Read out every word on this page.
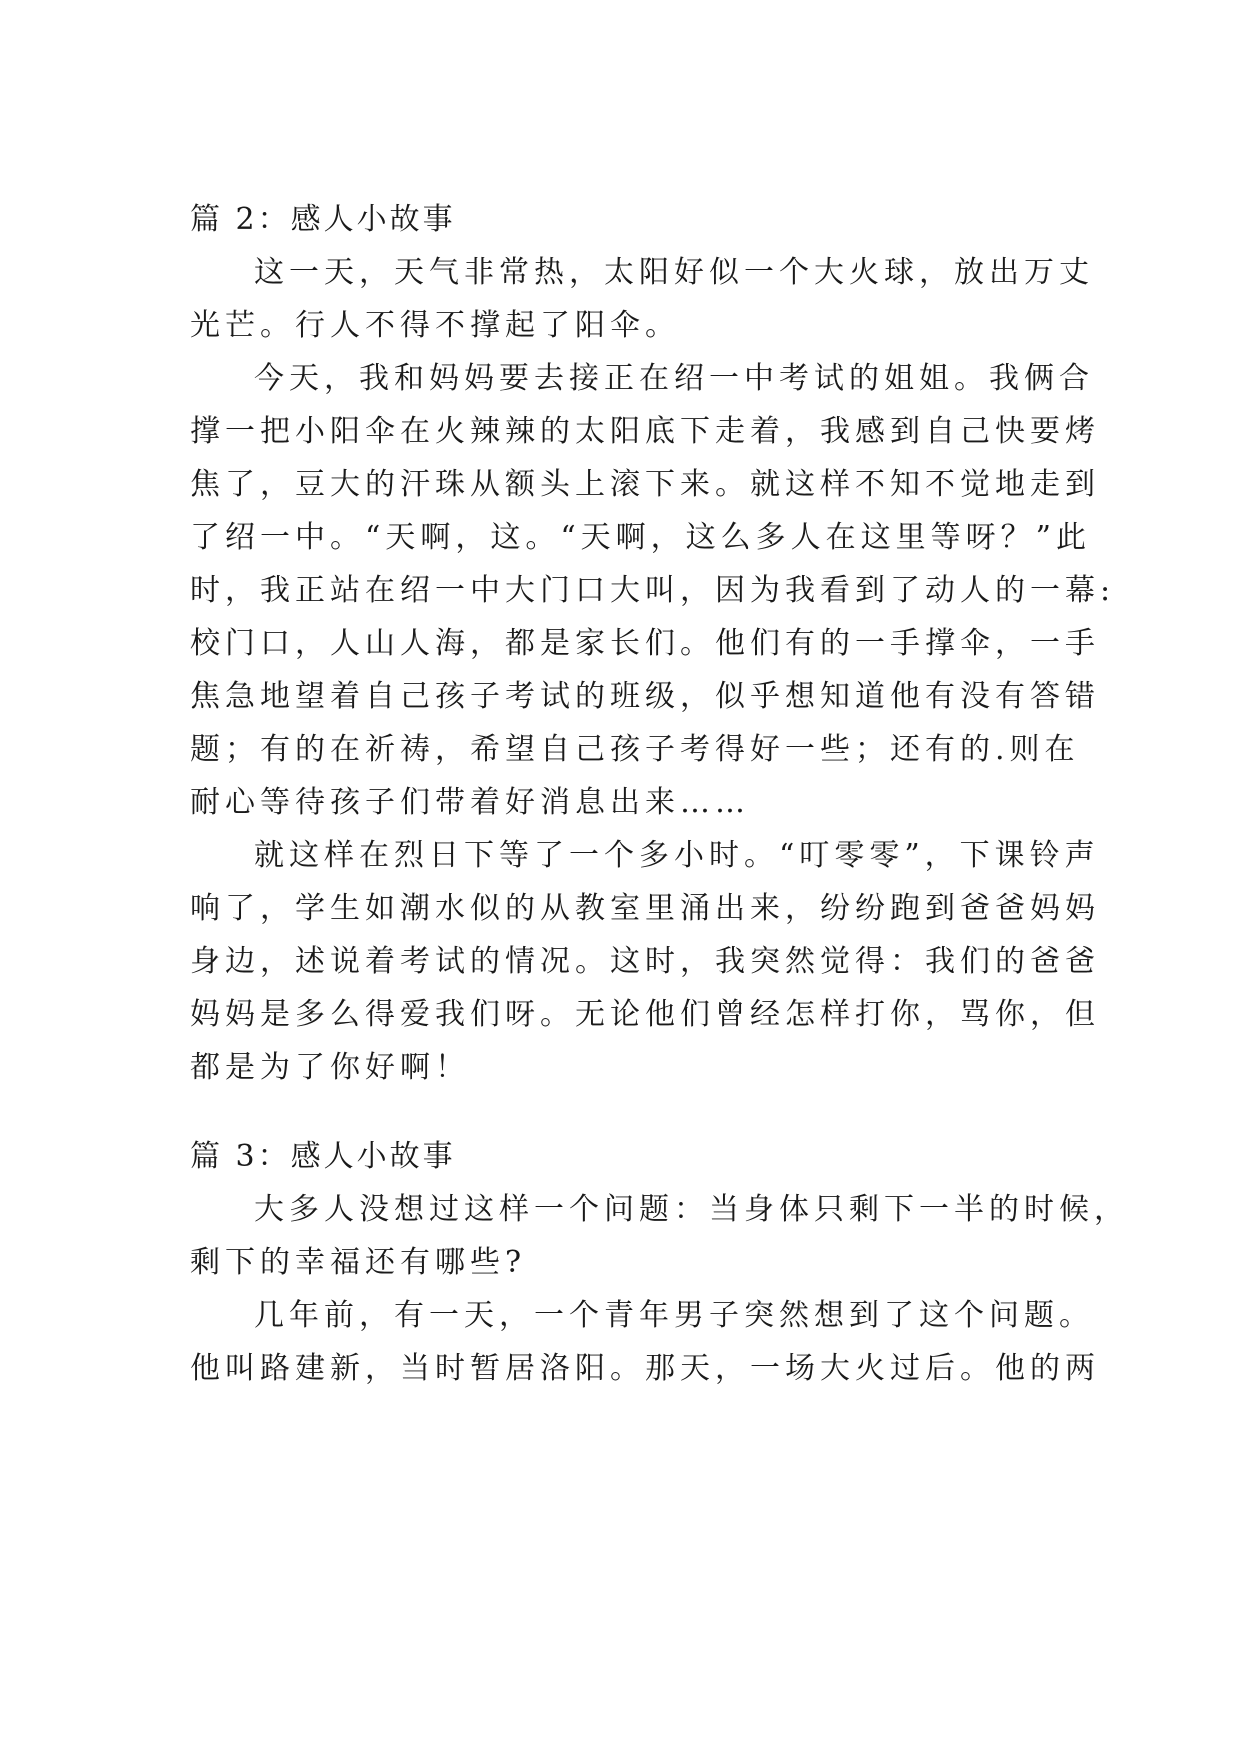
篇 2：感人小故事
这一天，天气非常热，太阳好似一个大火球，放出万丈
光芒。行人不得不撑起了阳伞。
今天，我和妈妈要去接正在绍一中考试的姐姐。我俩合
撑一把小阳伞在火辣辣的太阳底下走着，我感到自己快要烤
焦了，豆大的汗珠从额头上滚下来。就这样不知不觉地走到
了绍一中。“天啊，这。“天啊，这么多人在这里等呀？”此
时，我正站在绍一中大门口大叫，因为我看到了动人的一幕:
校门口，人山人海，都是家长们。他们有的一手撑伞，一手
焦急地望着自己孩子考试的班级，似乎想知道他有没有答错
题；有的在祈祷，希望自己孩子考得好一些；还有的.则在
耐心等待孩子们带着好消息出来……
就这样在烈日下等了一个多小时。“叮零零”，下课铃声
响了，学生如潮水似的从教室里涌出来，纷纷跑到爸爸妈妈
身边，述说着考试的情况。这时，我突然觉得：我们的爸爸
妈妈是多么得爱我们呀。无论他们曾经怎样打你，骂你，但
都是为了你好啊！
篇 3：感人小故事
大多人没想过这样一个问题：当身体只剩下一半的时候，
剩下的幸福还有哪些?
几年前，有一天，一个青年男子突然想到了这个问题。
他叫路建新，当时暂居洛阳。那天，一场大火过后。他的两
